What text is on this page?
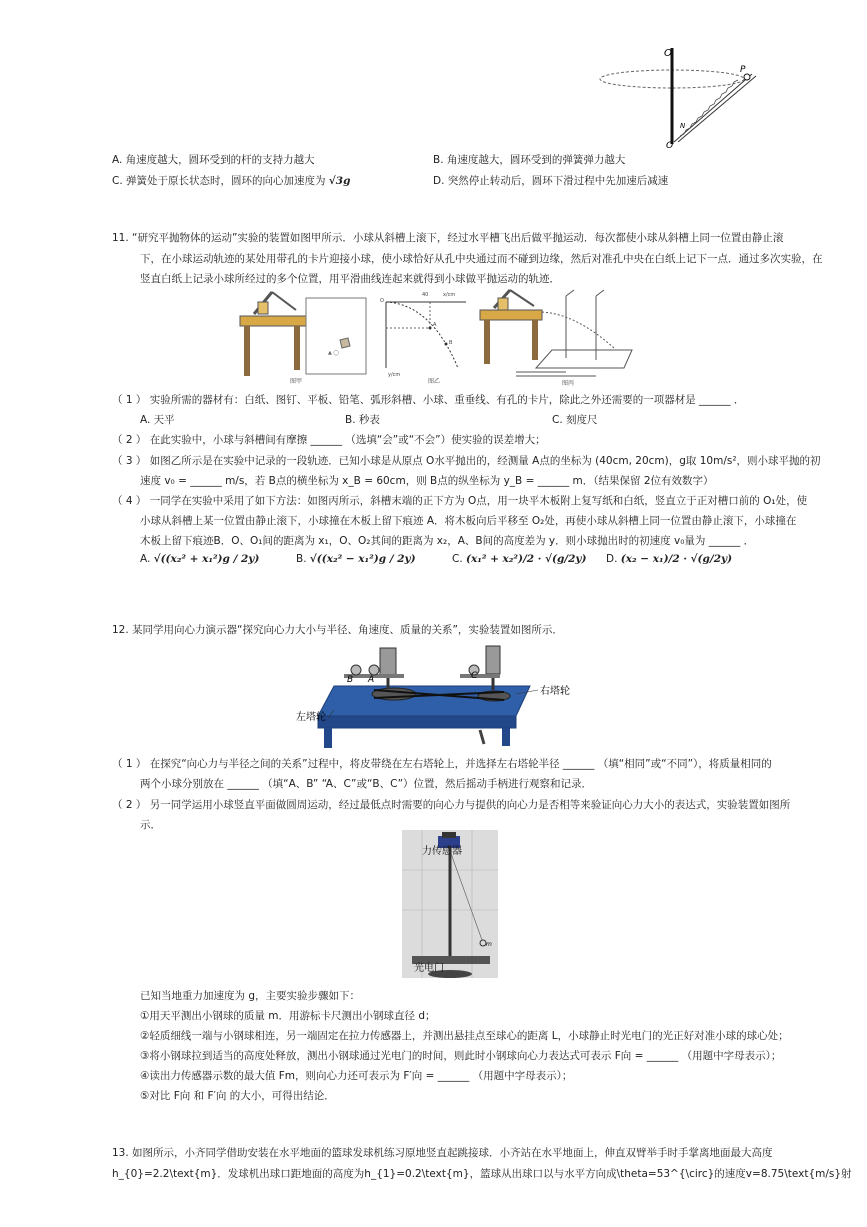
O
O
P
N
A. 角速度越大，圆环受到的杆的支持力越大	B. 角速度越大，圆环受到的弹簧弹力越大
C. 弹簧处于原长状态时，圆环的向心加速度为 √3g	D. 突然停止转动后，圆环下滑过程中先加速后减速
11. “研究平抛物体的运动”实验的装置如图甲所示．小球从斜槽上滚下，经过水平槽飞出后做平抛运动．每次都使小球从斜槽上同一位置由静止滚
下，在小球运动轨迹的某处用带孔的卡片迎接小球，使小球恰好从孔中央通过而不碰到边缘，然后对准孔中央在白纸上记下一点．通过多次实验，在
竖直白纸上记录小球所经过的多个位置，用平滑曲线连起来就得到小球做平抛运动的轨迹．
▲ ◯
图甲
40	x/cm
y/cm
A
B
O
图乙	图丙
（ 1 ） 实验所需的器材有：白纸、图钉、平板、铅笔、弧形斜槽、小球、重垂线、有孔的卡片，除此之外还需要的一项器材是 ______ ．
A. 天平	B. 秒表	C. 刻度尺
（ 2 ） 在此实验中，小球与斜槽间有摩擦 ______ （选填“会”或“不会”）使实验的误差增大；
（ 3 ） 如图乙所示是在实验中记录的一段轨迹．已知小球是从原点 O水平抛出的，经测量 A点的坐标为 (40cm, 20cm)，g取 10m/s²，则小球平抛的初
速度 v₀ = ______ m/s，若 B点的横坐标为 x_B = 60cm，则 B点的纵坐标为 y_B = ______ m．（结果保留 2位有效数字）
（ 4 ） 一同学在实验中采用了如下方法：如图丙所示，斜槽末端的正下方为 O点，用一块平木板附上复写纸和白纸，竖直立于正对槽口前的 O₁处，使
小球从斜槽上某一位置由静止滚下，小球撞在木板上留下痕迹 A．将木板向后平移至 O₂处，再使小球从斜槽上同一位置由静止滚下，小球撞在
木板上留下痕迹B．O、O₁间的距离为 x₁，O、O₂其间的距离为 x₂，A、B间的高度差为 y．则小球抛出时的初速度 v₀量为 ______ ．
A. √((x₂² + x₁²)g / 2y)	B. √((x₂² − x₁²)g / 2y)	C. (x₁² + x₂²)/2 · √(g/2y) D. (x₂ − x₁)/2 · √(g/2y)
12. 某同学用向心力演示器“探究向心力大小与半径、角速度、质量的关系”，实验装置如图所示．
B A	C
右塔轮
左塔轮
（ 1 ） 在探究“向心力与半径之间的关系”过程中，将皮带绕在左右塔轮上，并选择左右塔轮半径 ______ （填“相同”或“不同”），将质量相同的
两个小球分别放在 ______ （填“A、B” “A、C”或“B、C”）位置，然后摇动手柄进行观察和记录．
（ 2 ） 另一同学运用小球竖直平面做圆周运动，经过最低点时需要的向心力与提供的向心力是否相等来验证向心力大小的表达式，实验装置如图所
示．
力传感器
m
光电门
已知当地重力加速度为 g，主要实验步骤如下：
①用天平测出小钢球的质量 m．用游标卡尺测出小钢球直径 d；
②轻质细线一端与小钢球相连，另一端固定在拉力传感器上，并测出悬挂点至球心的距离 L，小球静止时光电门的光正好对准小球的球心处；
③将小钢球拉到适当的高度处释放，测出小钢球通过光电门的时间，则此时小钢球向心力表达式可表示 F向 = ______ （用题中字母表示）；
④读出力传感器示数的最大值 Fm，则向心力还可表示为 F′向 = ______ （用题中字母表示）；
⑤对比 F向 和 F′向 的大小，可得出结论．
13. 如图所示，小齐同学借助安装在水平地面的篮球发球机练习原地竖直起跳接球．小齐站在水平地面上，伸直双臂举手时手掌离地面最大高度
h_{0}=2.2\text{m}．发球机出球口距地面的高度为h_{1}=0.2\text{m}，篮球从出球口以与水平方向成\theta=53^{\circ}的速度v=8.75\text{m/s}射
